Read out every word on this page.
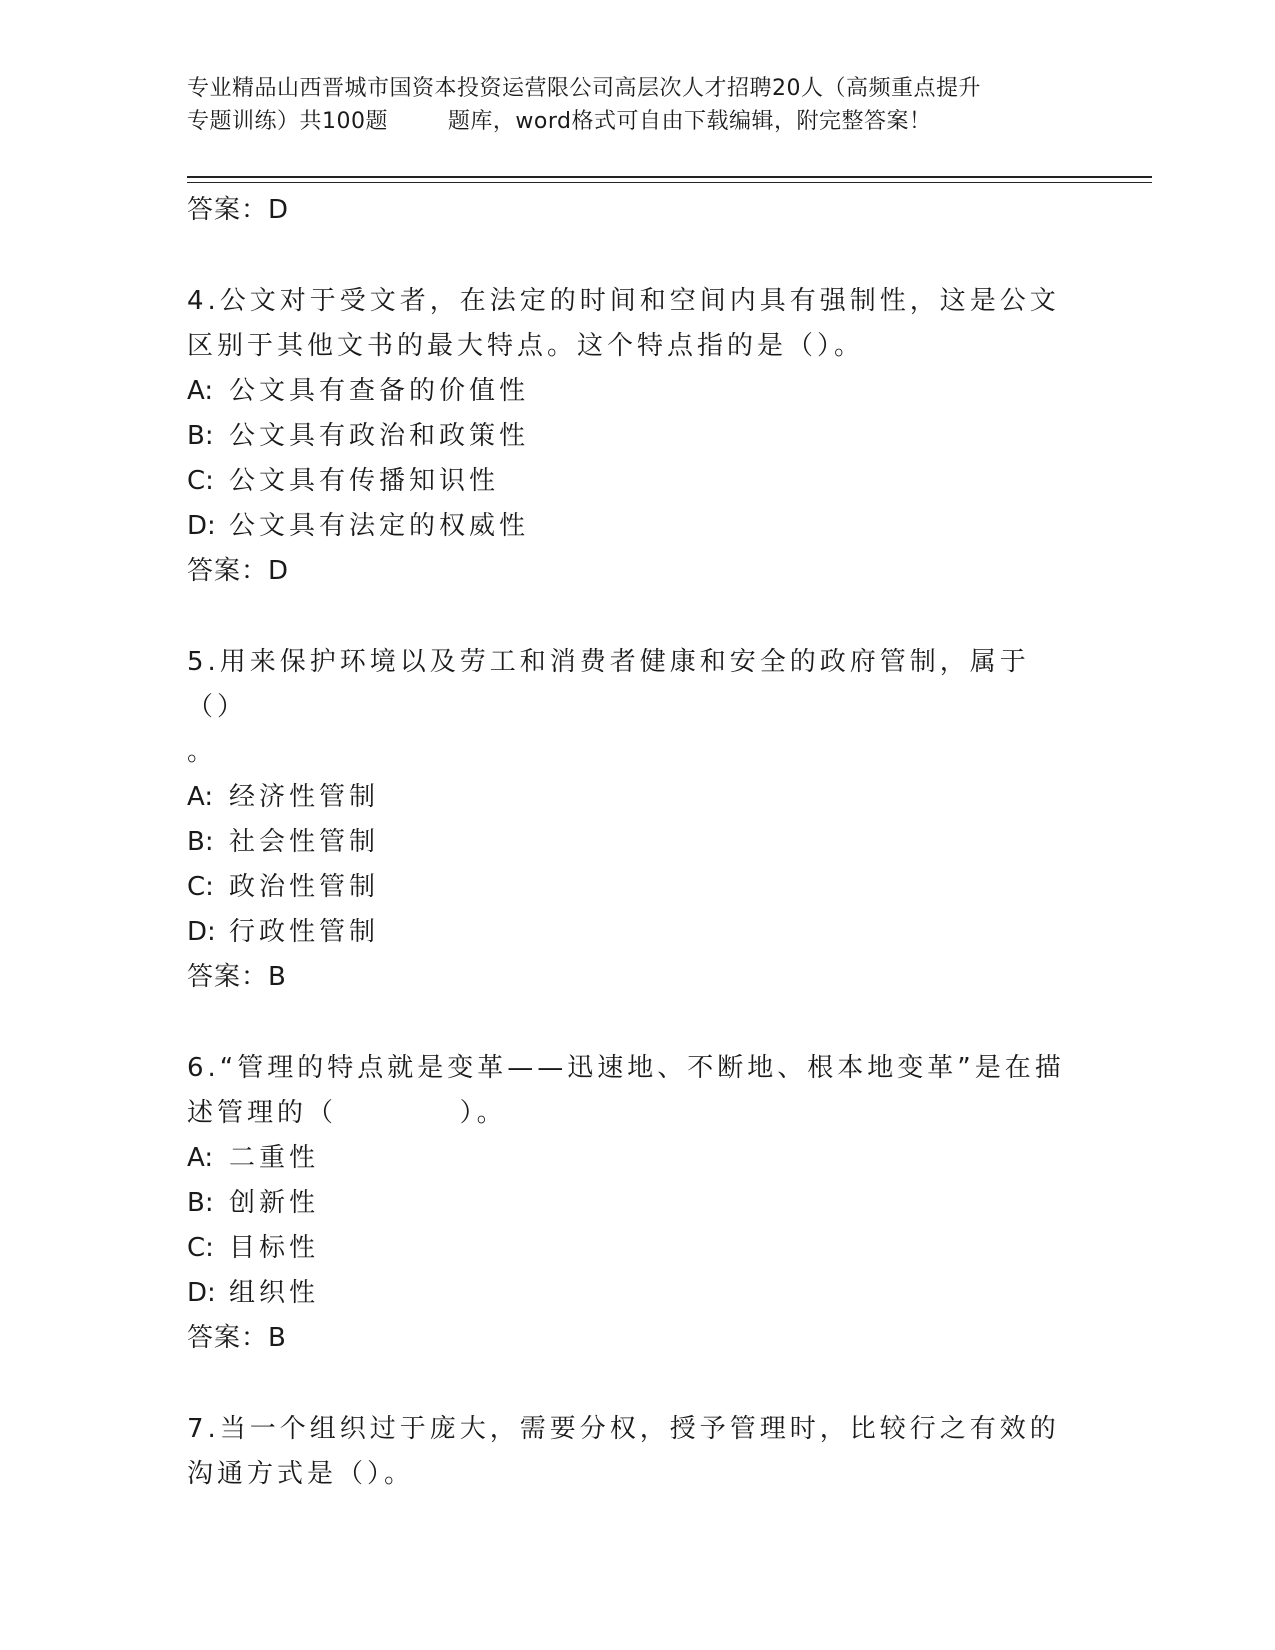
专业精品山西晋城市国资本投资运营限公司高层次人才招聘20人（高频重点提升
专题训练）共100题        题库，word格式可自由下载编辑，附完整答案！
答案：D

4.公文对于受文者，在法定的时间和空间内具有强制性，这是公文区别于其他文书的最大特点。这个特点指的是（）。

A: 公文具有查备的价值性
B: 公文具有政治和政策性
C: 公文具有传播知识性
D: 公文具有法定的权威性
答案：D

5.用来保护环境以及劳工和消费者健康和安全的政府管制，属于（）
。

A: 经济性管制
B: 社会性管制
C: 政治性管制
D: 行政性管制
答案：B

6.“管理的特点就是变革——迅速地、不断地、根本地变革”是在描述管理的（          ）。

A: 二重性
B: 创新性
C: 目标性
D: 组织性
答案：B

7.当一个组织过于庞大，需要分权，授予管理时，比较行之有效的沟通方式是（）。
